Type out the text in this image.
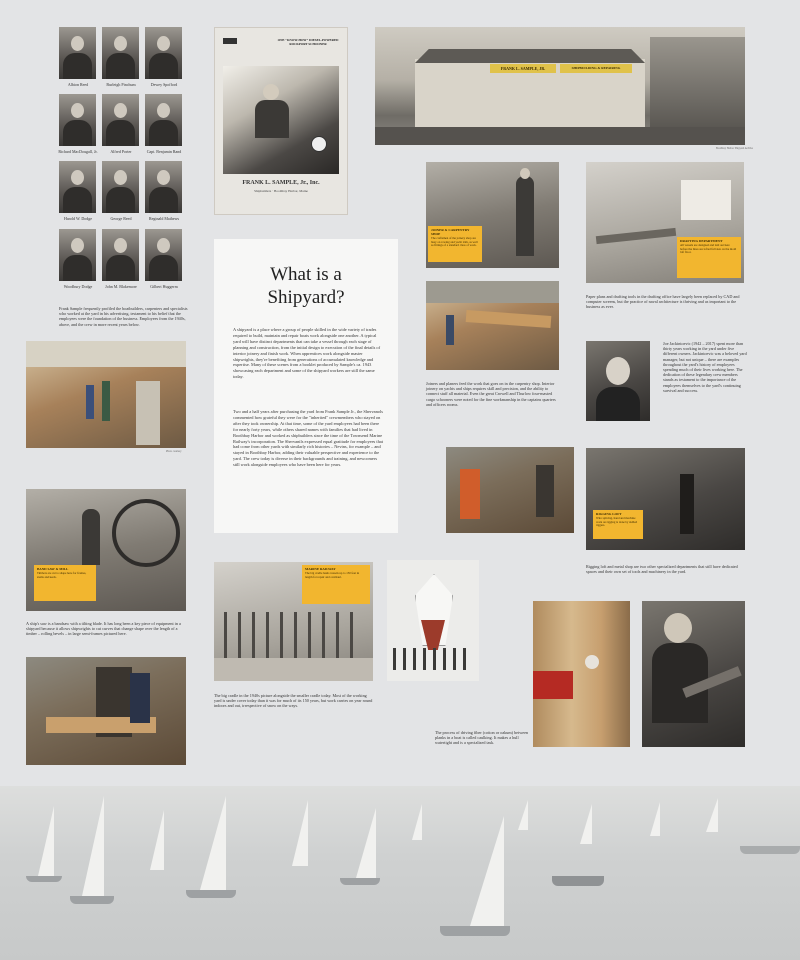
Albion Reed	Burleigh Pinchum	Dewey Spofford
Richard MacDougall, Jr.	Alfred Porter	Capt. Benjamin Rand
Harold W. Dodge	George Reed	Reginald Mathews
Woodbury Dodge	John M. Blakemore	Gilbert Huggerm
Frank Sample frequently profiled the boatbuilders, carpenters and specialists who worked at the yard in his advertising, testament to his belief that the employees were the foundation of the business. Employees from the 1940s, above, and the crew in more recent years below.
ONE "KNOW-HOW" DIESEL-POWERED ROCKPORT SCHOONER
FRANK L. SAMPLE, Jr., Inc.
Shipbuilders · Boothbay Harbor, Maine
What is a
Shipyard?
A shipyard is a place where a group of people skilled in the wide variety of trades required to build, maintain and repair boats work alongside one another. A typical yard will have distinct departments that can take a vessel through each stage of planning and construction, from the initial design to execution of the final details of interior joinery and finish work. When apprentices work alongside master shipwrights, they're benefiting from generations of accumulated knowledge and expertise. Many of these scenes from a booklet produced by Sample's ca. 1943 showcasing each department and some of the shipyard workers are still the same today.
Two and a half years after purchasing the yard from Frank Sample Jr., the Shervanols commented how grateful they were for the "inherited" crewmembers who stayed on after they took ownership. At that time, some of the yard employees had been there for nearly forty years, while others shared names with families that had lived in Boothbay Harbor and worked as shipbuilders since the time of the Townsend Marine Railway's incorporation. The Shervanils expressed equal gratitude for employees that had come from other yards with similarly rich histories – Nevins, for example – and stayed in Boothbay Harbor, adding their valuable perspective and experience to the yard. The crew today is diverse in their backgrounds and training, and newcomers still work alongside employees who have been here for years.
FRANK L. SAMPLE, JR.	SHIPBUILDING & REPAIRING
Boothbay Harbor Shipyard Archive
JOINER & CARPENTRY SHOP
The craftsmen of the joinery shop are busy on rowing and yacht trim, as well as fittings of a standard class of work.
DRAFTING DEPARTMENT
All vessels are designed and laid out here before the lines are lofted full size on the mold loft floor.
Paper plans and drafting tools in the drafting office have largely been replaced by CAD and computer screens, but the practice of naval architecture is thriving and as important to the business as ever.
Joiners and planers feed the work that goes on in the carpentry shop. Interior joinery on yachts and ships requires skill and precision, and the ability to connect stuff all material. Even the great Crowell and Thurlow four-masted cargo schooners were noted for the fine workmanship in the captains quarters and officers rooms.
Joe Jackintoevic (1942 – 2017) spent more than thirty years working in the yard under five different owners. Jackintoevic was a beloved yard manager, but not unique – there are examples throughout the yard's history of employees spending much of their lives working here. The dedication of these legendary crew members stands as testament to the importance of the employees themselves to the yard's continuing survival and success.
Photo courtesy
BAND SAW & MILL
Timbers are cut to shape here for frames, stems and keels.
A ship's saw is a bandsaw with a tilting blade. It has long been a key piece of equipment in a shipyard because it allows shipwrights to cut curves that change shape over the length of a timber – rolling bevels – in large semi-frames pictured here.
RIGGING LOFT
Wire splicing, hand and machine work on rigging is done by skilled riggers.
Rigging loft and metal shop are two other specialized departments that still have dedicated spaces and their own set of tools and machinery in the yard.
MARINE RAILWAY
The big cradle hauls vessels up to 150 feet in length for repair and overhaul.
The big cradle in the 1940s picture alongside the smaller cradle today. Most of the working yard is under cover today than it was for much of its 150 years, but work carries on year round indoors and out, irrespective of snow on the ways.
The process of driving fiber (cotton or oakum) between planks in a boat is called caulking. It makes a hull watertight and is a specialized task.
